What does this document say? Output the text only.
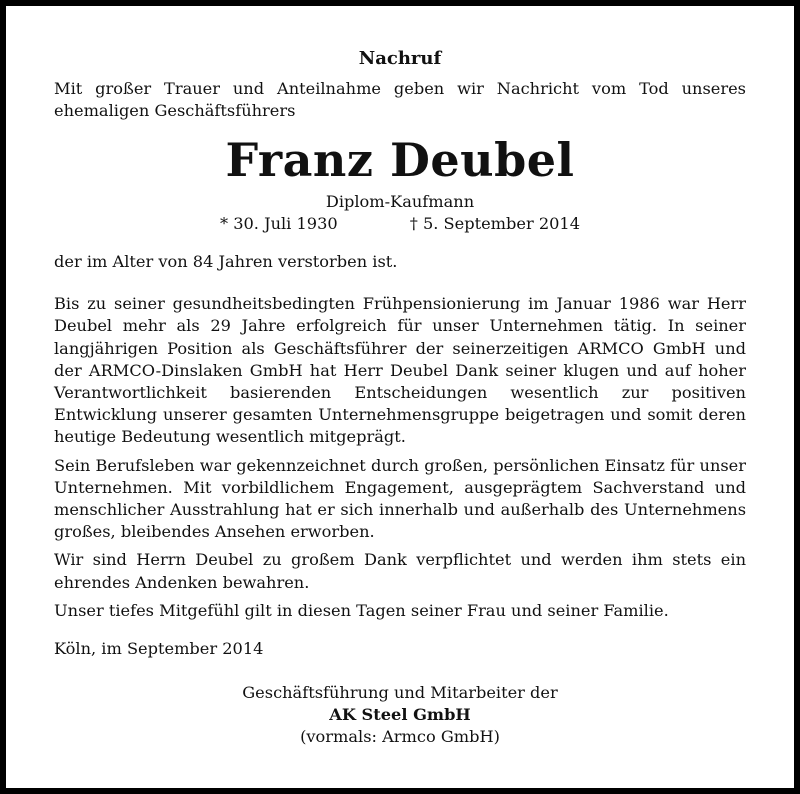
Nachruf

Mit großer Trauer und Anteilnahme geben wir Nachricht vom Tod unseres ehemaligen Geschäftsführers

Franz Deubel
Diplom-Kaufmann
* 30. Juli 1930	† 5. September 2014

der im Alter von 84 Jahren verstorben ist.

Bis zu seiner gesundheitsbedingten Frühpensionierung im Januar 1986 war Herr Deubel mehr als 29 Jahre erfolgreich für unser Unternehmen tätig. In seiner langjährigen Position als Geschäftsführer der seinerzeitigen ARMCO GmbH und der ARMCO-Dinslaken GmbH hat Herr Deubel Dank seiner klugen und auf hoher Verantwortlichkeit basierenden Entscheidungen wesentlich zur positiven Entwicklung unserer gesamten Unternehmensgruppe beigetragen und somit deren heutige Bedeutung wesentlich mitgeprägt.

Sein Berufsleben war gekennzeichnet durch großen, persönlichen Einsatz für unser Unternehmen. Mit vorbildlichem Engagement, ausgeprägtem Sachverstand und menschlicher Ausstrahlung hat er sich innerhalb und außerhalb des Unternehmens großes, bleibendes Ansehen erworben.

Wir sind Herrn Deubel zu großem Dank verpflichtet und werden ihm stets ein ehrendes Andenken bewahren.

Unser tiefes Mitgefühl gilt in diesen Tagen seiner Frau und seiner Familie.

Köln, im September 2014

Geschäftsführung und Mitarbeiter der
AK Steel GmbH
(vormals: Armco GmbH)
